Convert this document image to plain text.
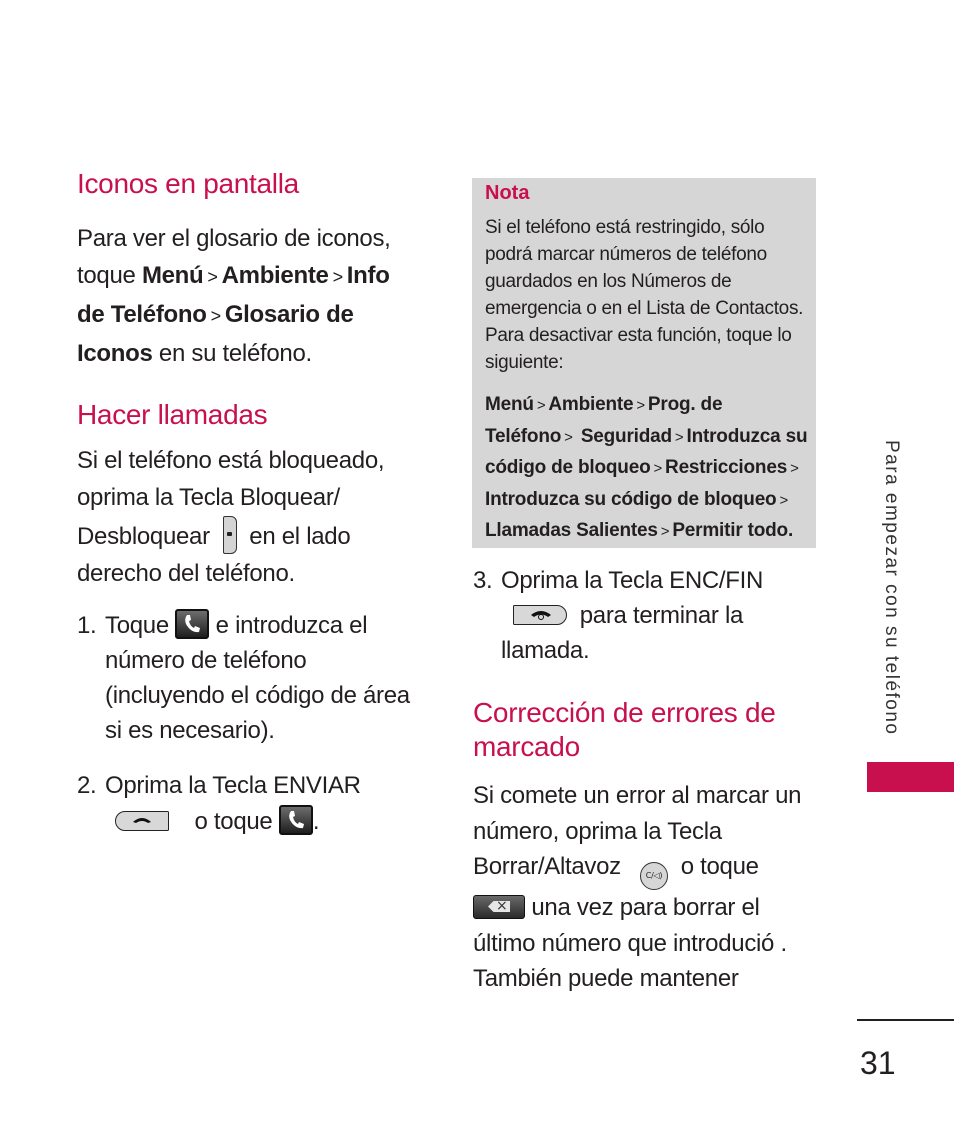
Iconos en pantalla
Para ver el glosario de iconos,
toque Menú > Ambiente > Info
de Teléfono > Glosario de
Iconos en su teléfono.
Hacer llamadas
Si el teléfono está bloqueado,
oprima la Tecla Bloquear/
Desbloquear en el lado
derecho del teléfono.
1. Toque e introduzca el
número de teléfono
(incluyendo el código de área
si es necesario).
2. Oprima la Tecla ENVIAR
o toque .
Nota
Si el teléfono está restringido, sólo
podrá marcar números de teléfono
guardados en los Números de
emergencia o en el Lista de Contactos.
Para desactivar esta función, toque lo
siguiente:
Menú > Ambiente > Prog. de
Teléfono > Seguridad > Introduzca su
código de bloqueo > Restricciones >
Introduzca su código de bloqueo >
Llamadas Salientes > Permitir todo.
3. Oprima la Tecla ENC/FIN
para terminar la
llamada.
Corrección de errores de
marcado
Si comete un error al marcar un
número, oprima la Tecla
Borrar/Altavoz	C/◁) o toque
× una vez para borrar el
último número que introdució .
También puede mantener
Para empezar con su teléfono
31
